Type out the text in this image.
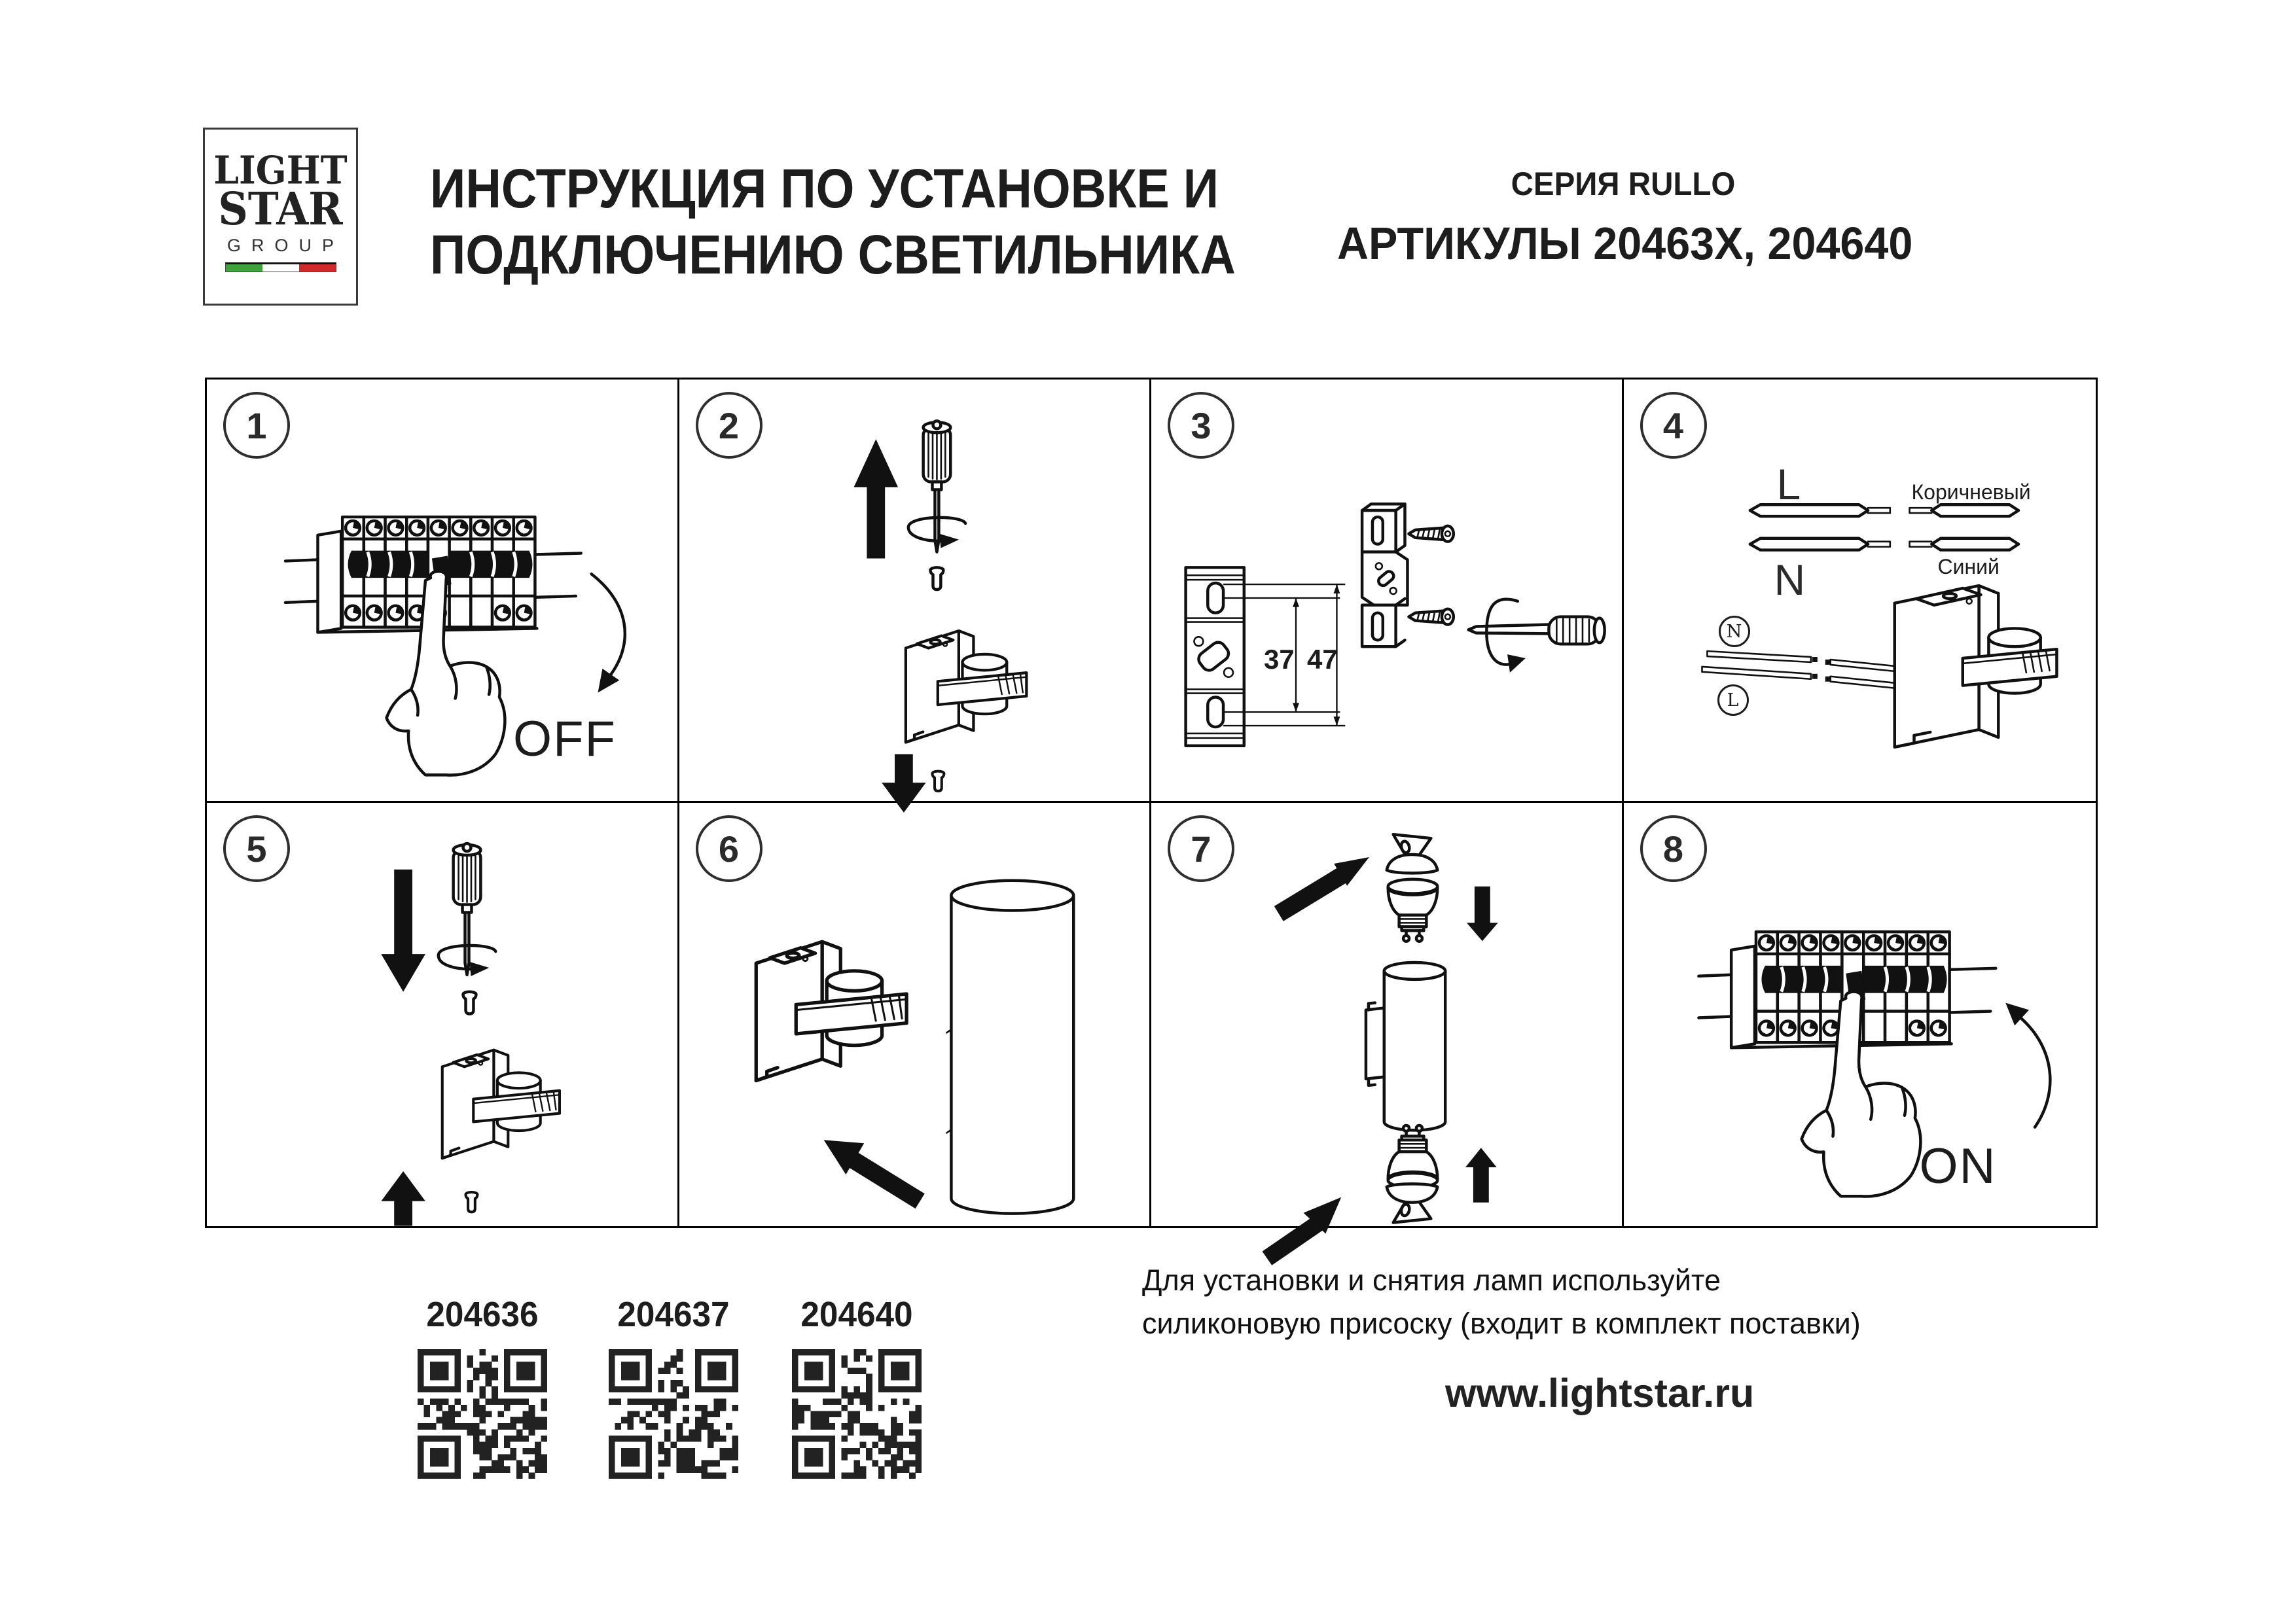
LIGHT
STAR
GROUP
ИНСТРУКЦИЯ ПО УСТАНОВКЕ И
ПОДКЛЮЧЕНИЮ СВЕТИЛЬНИКА
СЕРИЯ RULLO
АРТИКУЛЫ 20463X, 204640
1
OFF
2	3
37 47
4
L	Коричневый
N	Синий
N
L
5	6	7	8
ON
204636	204637	204640
Для установки и снятия ламп используйте
силиконовую присоску (входит в комплект поставки)
www.lightstar.ru
